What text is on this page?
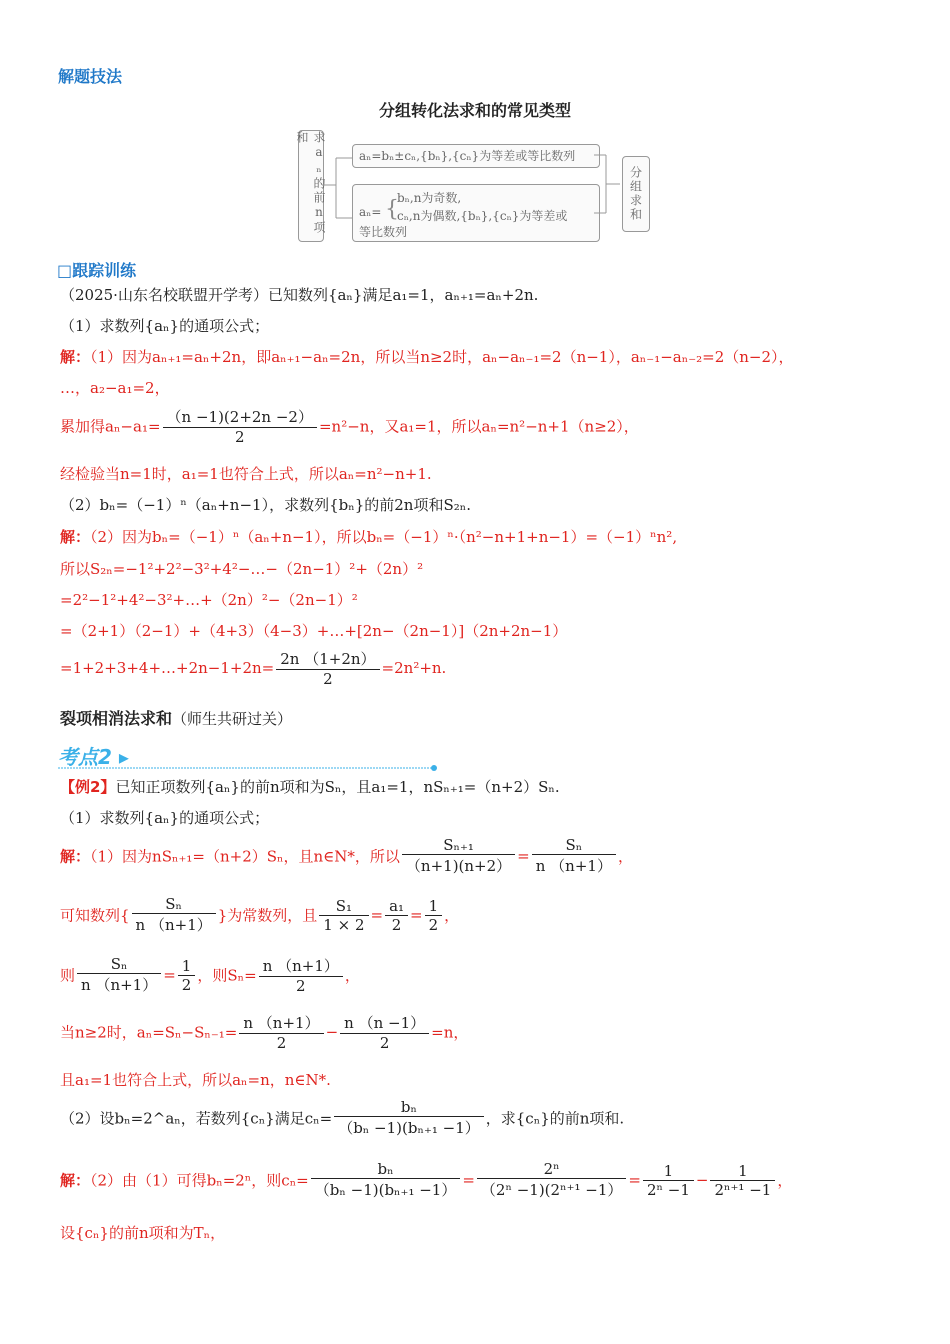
解题技法
分组转化法求和的常见类型
求aₙ的前n项和
aₙ=bₙ±cₙ,{bₙ},{cₙ}为等差或等比数列
aₙ= {
bₙ,n为奇数,
cₙ,n为偶数,{bₙ},{cₙ}为等差或
等比数列
分组求和
□跟踪训练
（2025·山东名校联盟开学考）已知数列{aₙ}满足a₁=1，aₙ₊₁=aₙ+2n.
（1）求数列{aₙ}的通项公式；
解：（1）因为aₙ₊₁=aₙ+2n，即aₙ₊₁−aₙ=2n，所以当n≥2时，aₙ−aₙ₋₁=2（n−1），aₙ₋₁−aₙ₋₂=2（n−2），
…，a₂−a₁=2，
累加得$a_n-a_1= \frac{(n -1)(2+2n -2)}{2} =n^2-n$，又a₁=1，所以aₙ=n²−n+1（n≥2），
经检验当n=1时，a₁=1也符合上式，所以aₙ=n²−n+1.
（2）bₙ=（−1）ⁿ（aₙ+n−1），求数列{bₙ}的前2n项和S₂ₙ.
解：（2）因为bₙ=（−1）ⁿ（aₙ+n−1），所以bₙ=（−1）ⁿ·（n²−n+1+n−1）=（−1）ⁿn²,
所以S₂ₙ=−1²+2²−3²+4²−…−（2n−1）²+（2n）²
=2²−1²+4²−3²+…+（2n）²−（2n−1）²
=（2+1）（2−1）+（4+3）（4−3）+…+[2n−（2n−1）]（2n+2n−1）
=1+2+3+4+…+2n−1+2n= $\frac{2n (1+2n)}{2} =2n^2+n$.
裂项相消法求和（师生共研过关）
考点2 ▸
【例2】已知正项数列{aₙ}的前n项和为Sₙ，且a₁=1，nSₙ₊₁=（n+2）Sₙ.
（1）求数列{aₙ}的通项公式；
解：（1）因为nSₙ₊₁=（n+2）Sₙ，且n∈N*，所以 $\frac{\text{Sₙ₊₁}}{(n+1)(n+2)} = \frac{\text{Sₙ}}{n (n+1)}$ ，
可知数列{ $\frac{\text{Sₙ}}{n (n+1)}$ }为常数列，且 $\frac{\text{S₁}}{1 \times 2} = \frac{\text{a₁}}{2} = \frac{1}{2}$ ，
则 $\frac{\text{Sₙ}}{n (n+1)} = \frac{1}{2}$ ，则$S_n= \frac{n (n+1)}{2}$ ，
当n≥2时，$a_n=S_n-S_{n-1}= \frac{n (n+1)}{2} - \frac{n (n -1)}{2} =n$，
且a₁=1也符合上式，所以aₙ=n，n∈N*.
（2）设bₙ=2^aₙ，若数列{cₙ}满足$c_n= \frac{\text{bₙ}}{\text{（bₙ −1)(bₙ₊₁ −1）}}$ ，求{cₙ}的前n项和.
解：（2）由（1）可得bₙ=2ⁿ，则$c_n= \frac{\text{bₙ}}{\text{（bₙ −1)(bₙ₊₁ −1）}} = \frac{\text{2ⁿ}}{\text{（2ⁿ −1)(2ⁿ⁺¹ −1）}} = \frac{1}{\text{2ⁿ −1}} - \frac{1}{\text{2ⁿ⁺¹ −1}}$ ，
设{cₙ}的前n项和为Tₙ，
